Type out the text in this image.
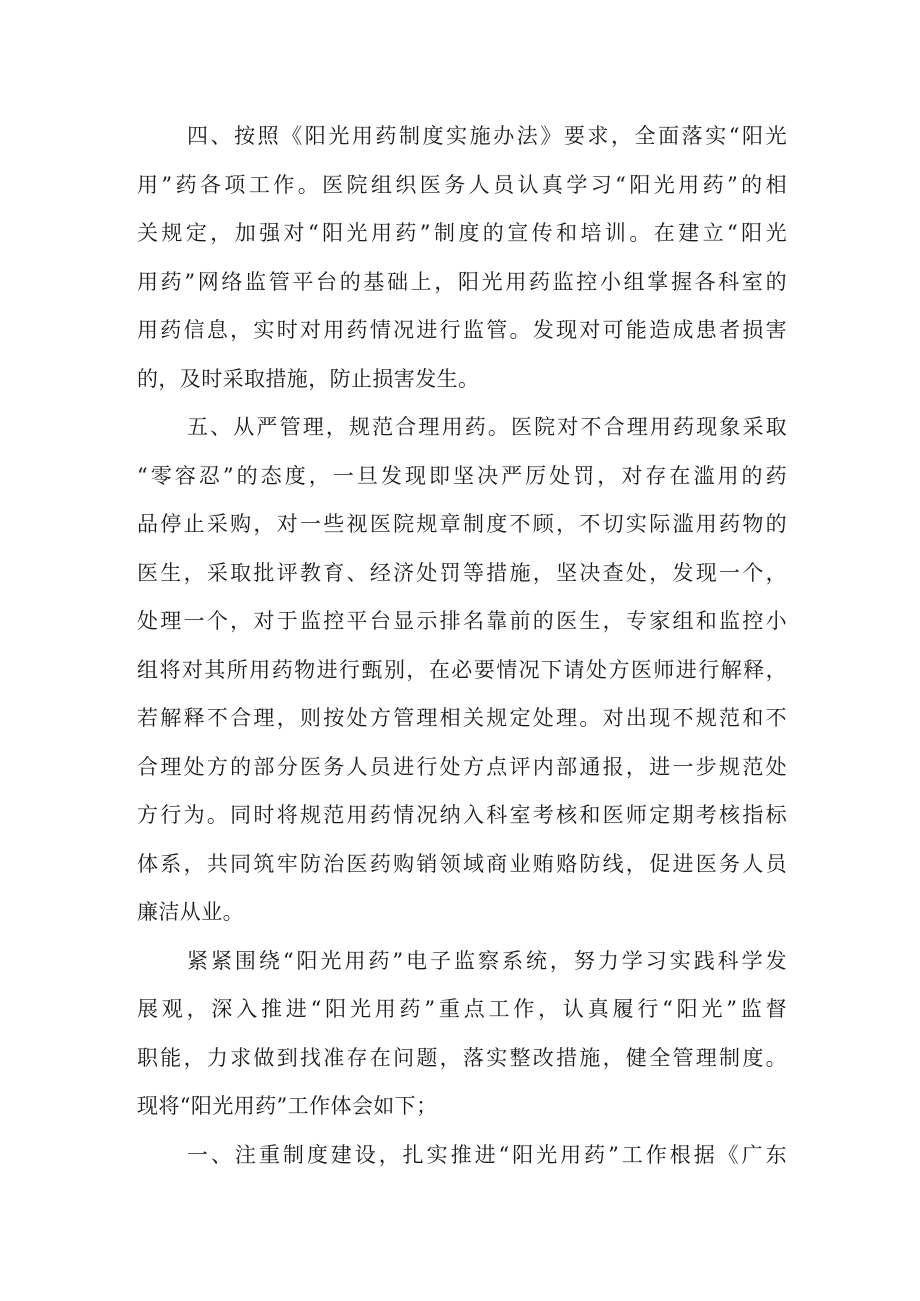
四、按照《阳光用药制度实施办法》要求，全面落实“阳光
用”药各项工作。医院组织医务人员认真学习“阳光用药”的相
关规定，加强对“阳光用药”制度的宣传和培训。在建立“阳光
用药”网络监管平台的基础上，阳光用药监控小组掌握各科室的
用药信息，实时对用药情况进行监管。发现对可能造成患者损害
的，及时采取措施，防止损害发生。
五、从严管理，规范合理用药。医院对不合理用药现象采取
“零容忍”的态度，一旦发现即坚决严厉处罚，对存在滥用的药
品停止采购，对一些视医院规章制度不顾，不切实际滥用药物的
医生，采取批评教育、经济处罚等措施，坚决查处，发现一个，
处理一个，对于监控平台显示排名靠前的医生，专家组和监控小
组将对其所用药物进行甄别，在必要情况下请处方医师进行解释，
若解释不合理，则按处方管理相关规定处理。对出现不规范和不
合理处方的部分医务人员进行处方点评内部通报，进一步规范处
方行为。同时将规范用药情况纳入科室考核和医师定期考核指标
体系，共同筑牢防治医药购销领域商业贿赂防线，促进医务人员
廉洁从业。
紧紧围绕“阳光用药”电子监察系统，努力学习实践科学发
展观，深入推进“阳光用药”重点工作，认真履行“阳光”监督
职能，力求做到找准存在问题，落实整改措施，健全管理制度。
现将“阳光用药”工作体会如下；
一、注重制度建设，扎实推进“阳光用药”工作根据《广东
